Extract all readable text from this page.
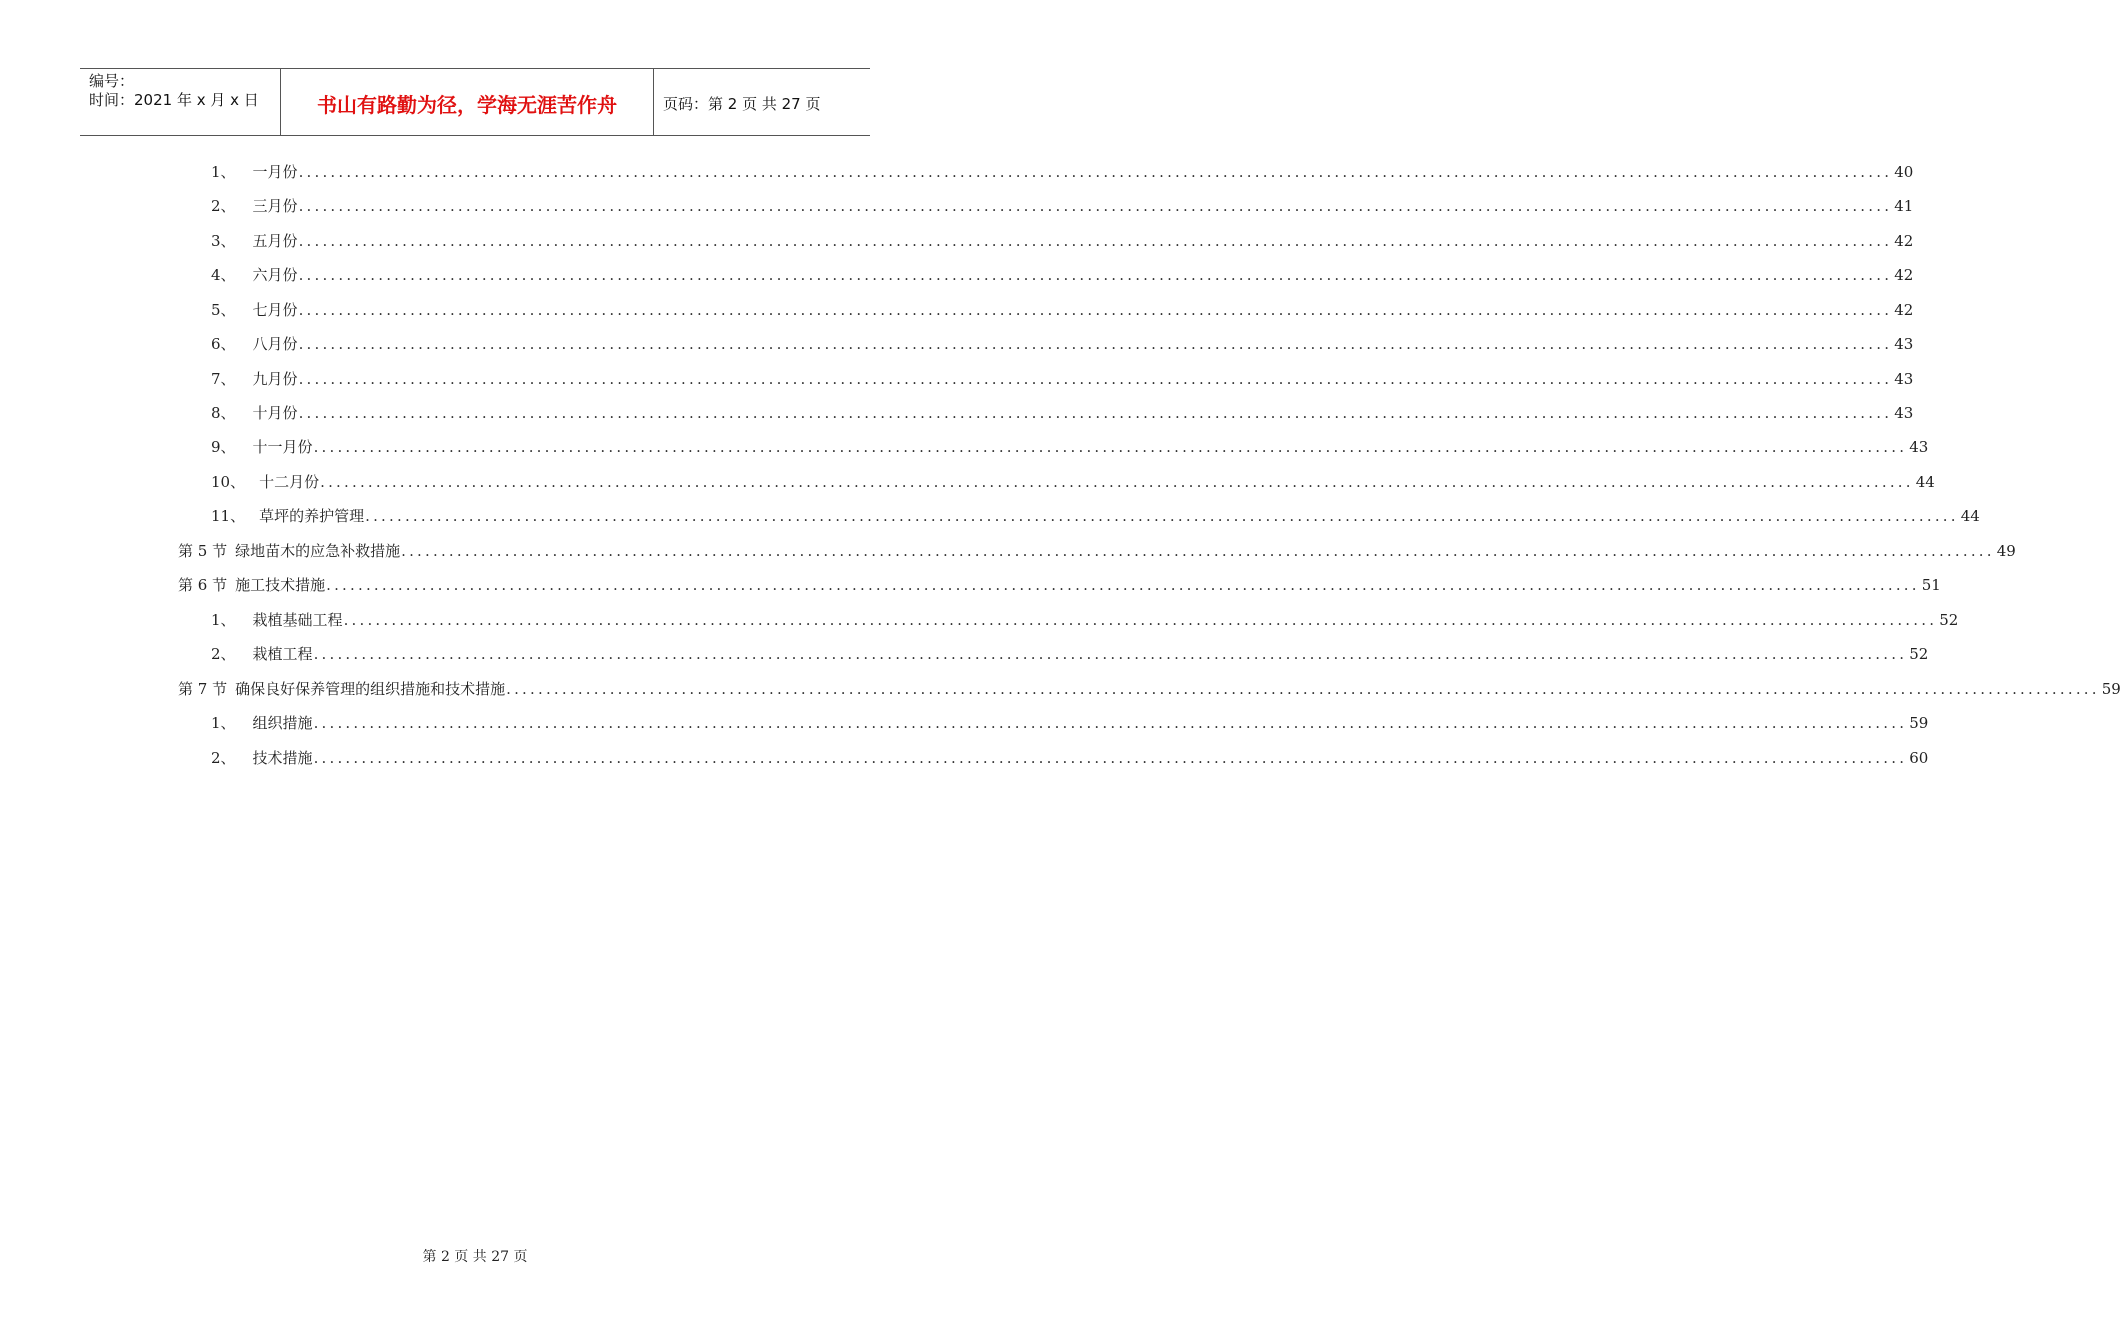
编号：
时间：2021 年 x 月 x 日	书山有路勤为径，学海无涯苦作舟	页码：第 2 页 共 27 页
1、 一月份 ........................................................................................................................................................................................................ 40
2、 三月份 ........................................................................................................................................................................................................ 41
3、 五月份 ........................................................................................................................................................................................................ 42
4、 六月份 ........................................................................................................................................................................................................ 42
5、 七月份 ........................................................................................................................................................................................................ 42
6、 八月份 ........................................................................................................................................................................................................ 43
7、 九月份 ........................................................................................................................................................................................................ 43
8、 十月份 ........................................................................................................................................................................................................ 43
9、 十一月份 ........................................................................................................................................................................................................ 43
10、 十二月份 ........................................................................................................................................................................................................ 44
11、 草坪的养护管理 ........................................................................................................................................................................................................ 44
第 5 节 绿地苗木的应急补救措施 ........................................................................................................................................................................................................ 49
第 6 节 施工技术措施 ........................................................................................................................................................................................................ 51
1、 栽植基础工程 ........................................................................................................................................................................................................ 52
2、 栽植工程 ........................................................................................................................................................................................................ 52
第 7 节 确保良好保养管理的组织措施和技术措施 ........................................................................................................................................................................................................ 59
1、 组织措施 ........................................................................................................................................................................................................ 59
2、 技术措施 ........................................................................................................................................................................................................ 60
第 2 页 共 27 页
